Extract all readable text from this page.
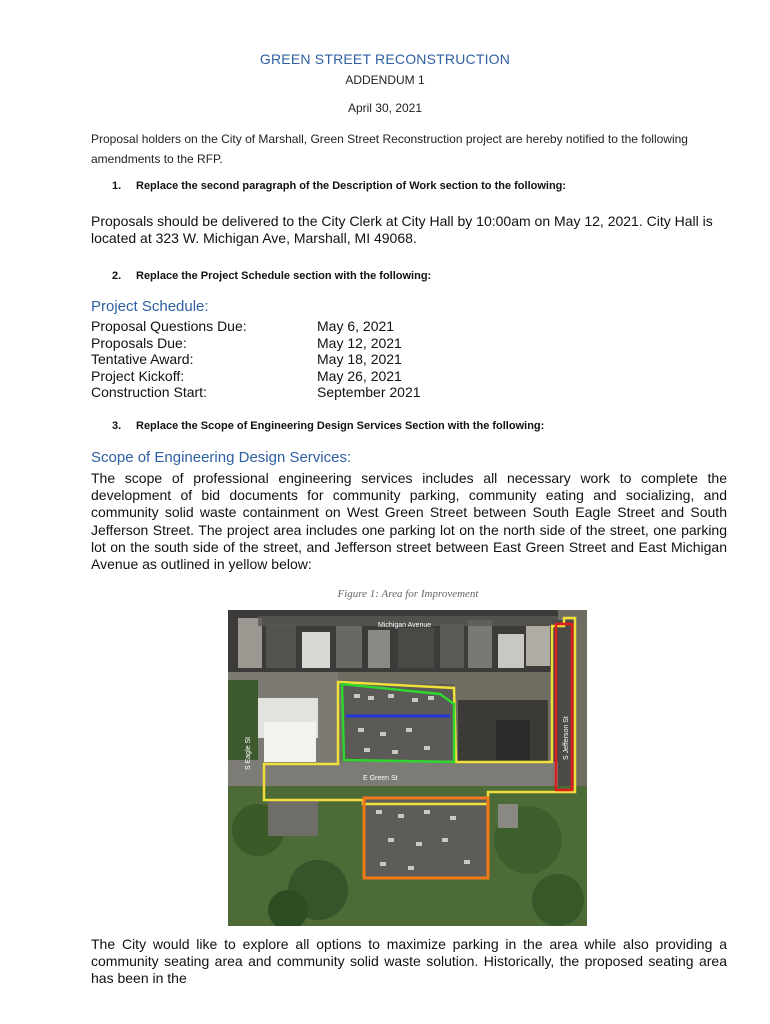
GREEN STREET RECONSTRUCTION
ADDENDUM 1
April 30, 2021
Proposal holders on the City of Marshall, Green Street Reconstruction project are hereby notified to the following amendments to the RFP.
1. Replace the second paragraph of the Description of Work section to the following:
Proposals should be delivered to the City Clerk at City Hall by 10:00am on May 12, 2021. City Hall is located at 323 W. Michigan Ave, Marshall, MI 49068.
2. Replace the Project Schedule section with the following:
Project Schedule:
Proposal Questions Due:	May 6, 2021
Proposals Due:	May 12, 2021
Tentative Award:	May 18, 2021
Project Kickoff:	May 26, 2021
Construction Start:	September 2021
3. Replace the Scope of Engineering Design Services Section with the following:
Scope of Engineering Design Services:
The scope of professional engineering services includes all necessary work to complete the development of bid documents for community parking, community eating and socializing, and community solid waste containment on West Green Street between South Eagle Street and South Jefferson Street. The project area includes one parking lot on the north side of the street, one parking lot on the south side of the street, and Jefferson street between East Green Street and East Michigan Avenue as outlined in yellow below:
Figure 1: Area for Improvement
Michigan Avenue
E Green St
S Jefferson St
S Eagle St
The City would like to explore all options to maximize parking in the area while also providing a community seating area and community solid waste solution. Historically, the proposed seating area has been in the
